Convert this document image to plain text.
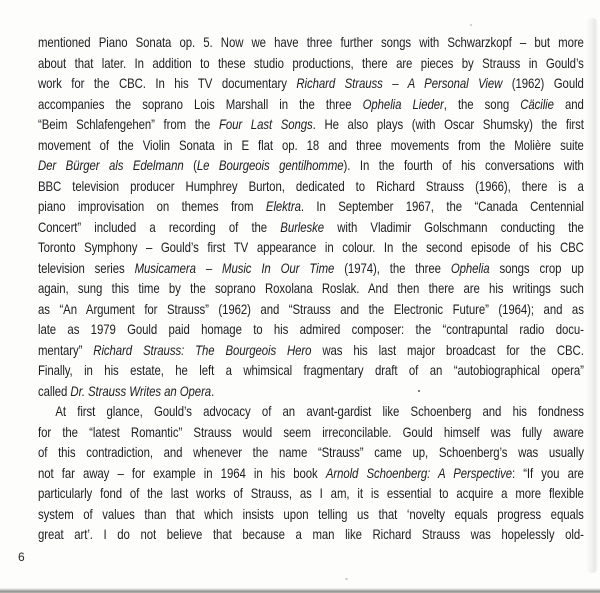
mentioned Piano Sonata op. 5. Now we have three further songs with Schwarzkopf – but more
about that later. In addition to these studio productions, there are pieces by Strauss in Gould’s
work for the CBC. In his TV documentary Richard Strauss – A Personal View (1962) Gould
accompanies the soprano Lois Marshall in the three Ophelia Lieder, the song Cäcilie and
“Beim Schlafengehen” from the Four Last Songs. He also plays (with Oscar Shumsky) the first
movement of the Violin Sonata in E flat op. 18 and three movements from the Molière suite
Der Bürger als Edelmann (Le Bourgeois gentilhomme). In the fourth of his conversations with
BBC television producer Humphrey Burton, dedicated to Richard Strauss (1966), there is a
piano improvisation on themes from Elektra. In September 1967, the “Canada Centennial
Concert” included a recording of the Burleske with Vladimir Golschmann conducting the
Toronto Symphony – Gould’s first TV appearance in colour. In the second episode of his CBC
television series Musicamera – Music In Our Time (1974), the three Ophelia songs crop up
again, sung this time by the soprano Roxolana Roslak. And then there are his writings such
as “An Argument for Strauss” (1962) and “Strauss and the Electronic Future” (1964); and as
late as 1979 Gould paid homage to his admired composer: the “contrapuntal radio docu-
mentary” Richard Strauss: The Bourgeois Hero was his last major broadcast for the CBC.
Finally, in his estate, he left a whimsical fragmentary draft of an “autobiographical opera”
called Dr. Strauss Writes an Opera.
At first glance, Gould’s advocacy of an avant-gardist like Schoenberg and his fondness
for the “latest Romantic” Strauss would seem irreconcilable. Gould himself was fully aware
of this contradiction, and whenever the name “Strauss” came up, Schoenberg’s was usually
not far away – for example in 1964 in his book Arnold Schoenberg: A Perspective: “If you are
particularly fond of the last works of Strauss, as I am, it is essential to acquire a more flexible
system of values than that which insists upon telling us that ‘novelty equals progress equals
great art’. I do not believe that because a man like Richard Strauss was hopelessly old-
6
